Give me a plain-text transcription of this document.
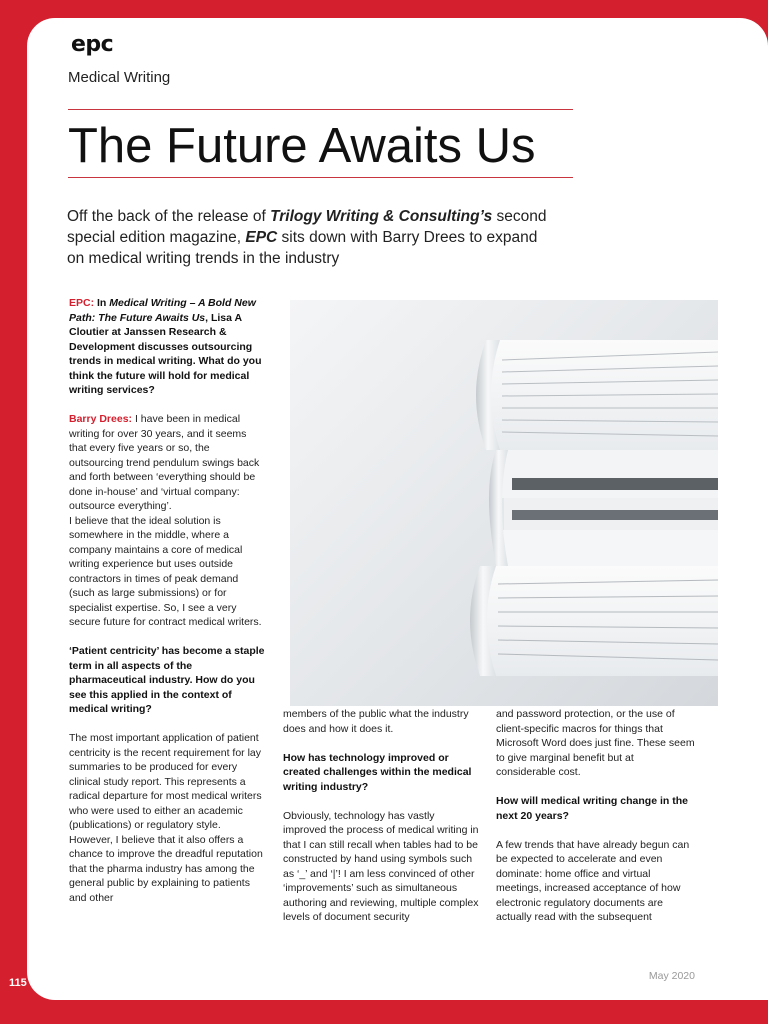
epc
Medical Writing
The Future Awaits Us
Off the back of the release of Trilogy Writing & Consulting’s second special edition magazine, EPC sits down with Barry Drees to expand on medical writing trends in the industry

EPC: In Medical Writing – A Bold New Path: The Future Awaits Us, Lisa A Cloutier at Janssen Research & Development discusses outsourcing trends in medical writing. What do you think the future will hold for medical writing services?

Barry Drees: I have been in medical writing for over 30 years, and it seems that every five years or so, the outsourcing trend pendulum swings back and forth between ‘everything should be done in-house’ and ‘virtual company: outsource everything’.
I believe that the ideal solution is somewhere in the middle, where a company maintains a core of medical writing experience but uses outside contractors in times of peak demand (such as large submissions) or for specialist expertise. So, I see a very secure future for contract medical writers.

‘Patient centricity’ has become a staple term in all aspects of the pharmaceutical industry. How do you see this applied in the context of medical writing?

The most important application of patient centricity is the recent requirement for lay summaries to be produced for every clinical study report. This represents a radical departure for most medical writers who were used to either an academic (publications) or regulatory style. However, I believe that it also offers a chance to improve the dreadful reputation that the pharma industry has among the general public by explaining to patients and other

members of the public what the industry does and how it does it.

How has technology improved or created challenges within the medical writing industry?

Obviously, technology has vastly improved the process of medical writing in that I can still recall when tables had to be constructed by hand using symbols such as ‘_’ and ‘|’! I am less convinced of other ‘improvements’ such as simultaneous authoring and reviewing, multiple complex levels of document security

and password protection, or the use of client-specific macros for things that Microsoft Word does just fine. These seem to give marginal benefit but at considerable cost.

How will medical writing change in the next 20 years?

A few trends that have already begun can be expected to accelerate and even dominate: home office and virtual meetings, increased acceptance of how electronic regulatory documents are actually read with the subsequent

May 2020
115
